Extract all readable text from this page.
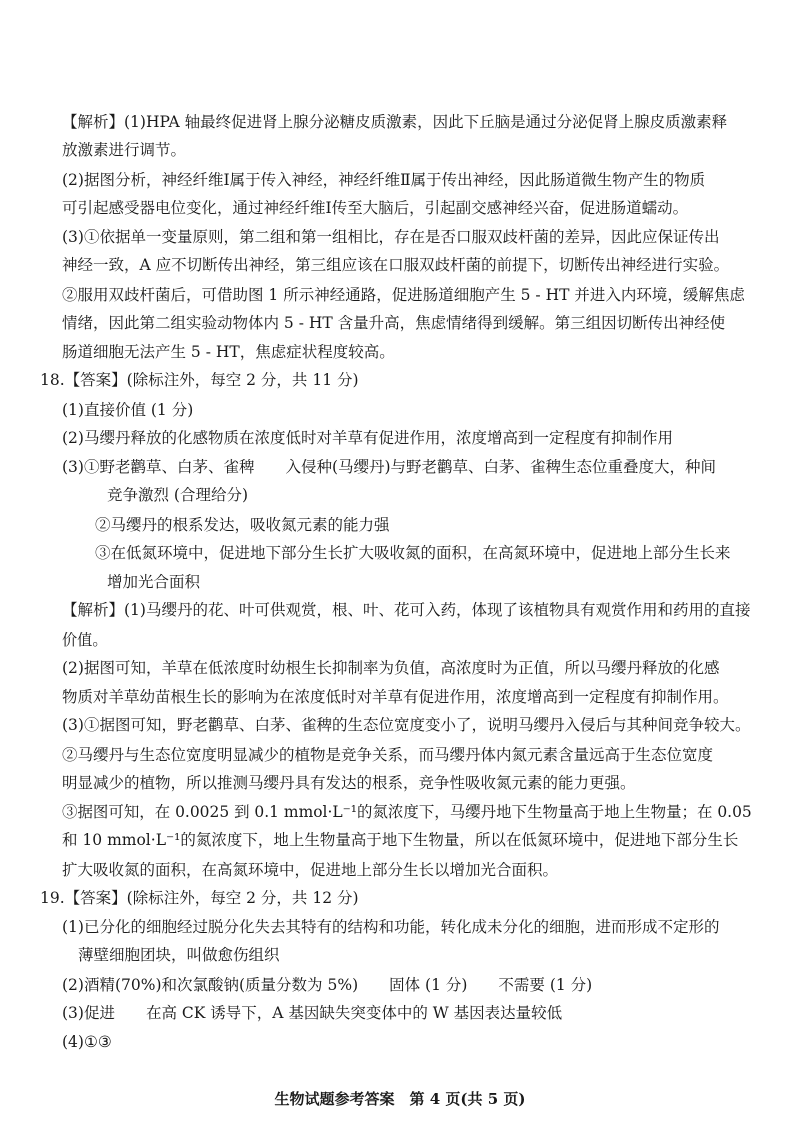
【解析】(1)HPA 轴最终促进肾上腺分泌糖皮质激素，因此下丘脑是通过分泌促肾上腺皮质激素释
放激素进行调节。
(2)据图分析，神经纤维Ⅰ属于传入神经，神经纤维Ⅱ属于传出神经，因此肠道微生物产生的物质
可引起感受器电位变化，通过神经纤维Ⅰ传至大脑后，引起副交感神经兴奋，促进肠道蠕动。
(3)①依据单一变量原则，第二组和第一组相比，存在是否口服双歧杆菌的差异，因此应保证传出
神经一致，A 应不切断传出神经，第三组应该在口服双歧杆菌的前提下，切断传出神经进行实验。
②服用双歧杆菌后，可借助图 1 所示神经通路，促进肠道细胞产生 5 - HT 并进入内环境，缓解焦虑
情绪，因此第二组实验动物体内 5 - HT 含量升高，焦虑情绪得到缓解。第三组因切断传出神经使
肠道细胞无法产生 5 - HT，焦虑症状程度较高。
18.【答案】(除标注外，每空 2 分，共 11 分)
(1)直接价值 (1 分)
(2)马缨丹释放的化感物质在浓度低时对羊草有促进作用，浓度增高到一定程度有抑制作用
(3)①野老鹳草、白茅、雀稗　　入侵种(马缨丹)与野老鹳草、白茅、雀稗生态位重叠度大，种间
竞争激烈 (合理给分)
②马缨丹的根系发达，吸收氮元素的能力强
③在低氮环境中，促进地下部分生长扩大吸收氮的面积，在高氮环境中，促进地上部分生长来
增加光合面积
【解析】(1)马缨丹的花、叶可供观赏，根、叶、花可入药，体现了该植物具有观赏作用和药用的直接
价值。
(2)据图可知，羊草在低浓度时幼根生长抑制率为负值，高浓度时为正值，所以马缨丹释放的化感
物质对羊草幼苗根生长的影响为在浓度低时对羊草有促进作用，浓度增高到一定程度有抑制作用。
(3)①据图可知，野老鹳草、白茅、雀稗的生态位宽度变小了，说明马缨丹入侵后与其种间竞争较大。
②马缨丹与生态位宽度明显减少的植物是竞争关系，而马缨丹体内氮元素含量远高于生态位宽度
明显减少的植物，所以推测马缨丹具有发达的根系，竞争性吸收氮元素的能力更强。
③据图可知，在 0.0025 到 0.1 mmol·L⁻¹的氮浓度下，马缨丹地下生物量高于地上生物量；在 0.05
和 10 mmol·L⁻¹的氮浓度下，地上生物量高于地下生物量，所以在低氮环境中，促进地下部分生长
扩大吸收氮的面积，在高氮环境中，促进地上部分生长以增加光合面积。
19.【答案】(除标注外，每空 2 分，共 12 分)
(1)已分化的细胞经过脱分化失去其特有的结构和功能，转化成未分化的细胞，进而形成不定形的
薄壁细胞团块，叫做愈伤组织
(2)酒精(70%)和次氯酸钠(质量分数为 5%)　　固体 (1 分)　　不需要 (1 分)
(3)促进　　在高 CK 诱导下，A 基因缺失突变体中的 W 基因表达量较低
(4)①③
生物试题参考答案　第 4 页(共 5 页)
